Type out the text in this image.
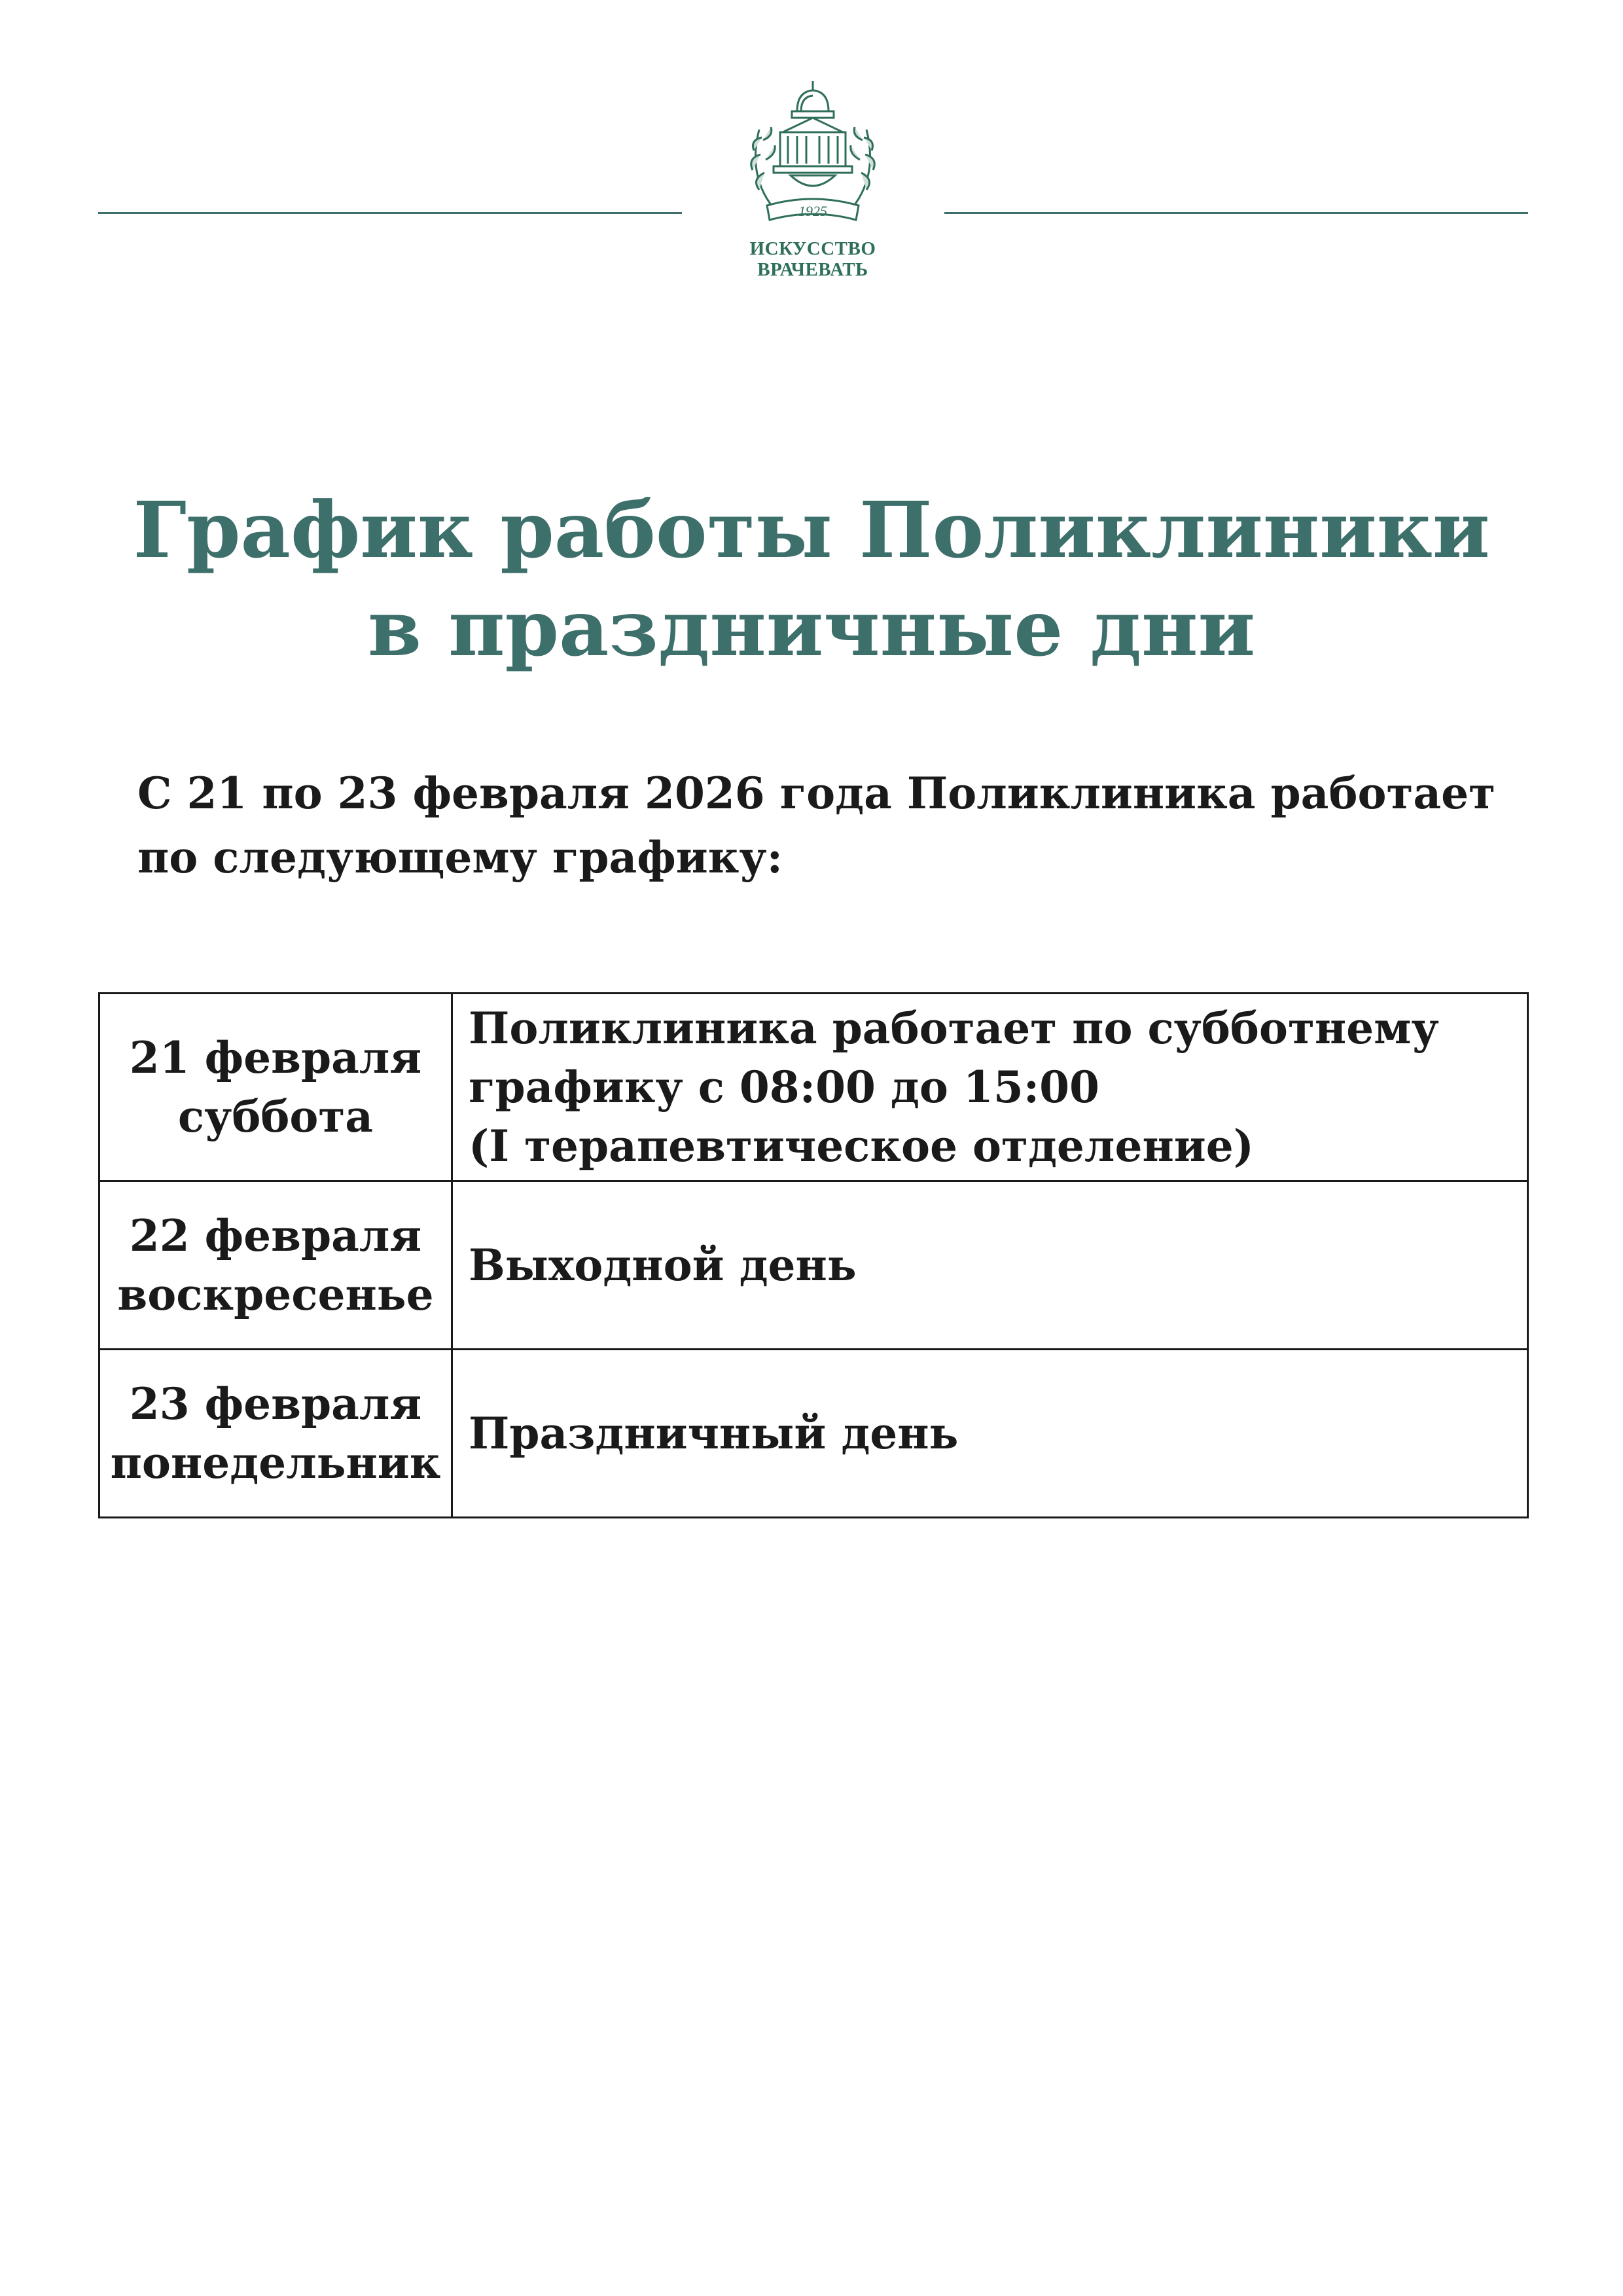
1925
ИСКУССТВО
ВРАЧЕВАТЬ
График работы Поликлиники
в праздничные дни
С 21 по 23 февраля 2026 года Поликлиника работает
по следующему графику:
21 февраля
суббота	Поликлиника работает по субботнему
графику с 08:00 до 15:00
(I терапевтическое отделение)

22 февраля
воскресенье	Выходной день

23 февраля
понедельник	Праздничный день
